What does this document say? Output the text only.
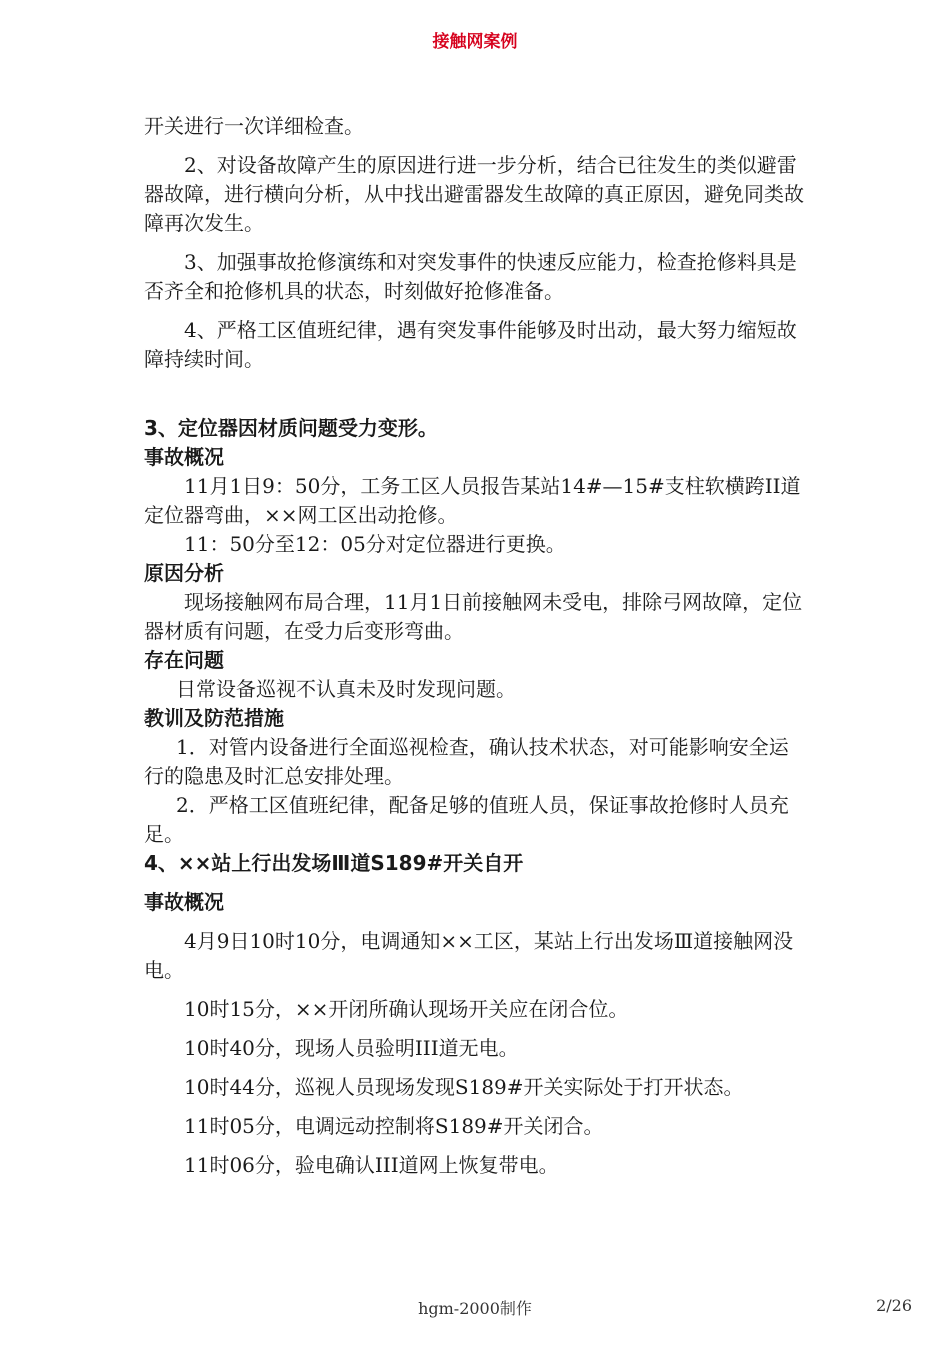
接触网案例

开关进行一次详细检查。

2、对设备故障产生的原因进行进一步分析，结合已往发生的类似避雷器故障，进行横向分析，从中找出避雷器发生故障的真正原因，避免同类故障再次发生。

3、加强事故抢修演练和对突发事件的快速反应能力，检查抢修料具是否齐全和抢修机具的状态，时刻做好抢修准备。

4、严格工区值班纪律，遇有突发事件能够及时出动，最大努力缩短故障持续时间。

3、定位器因材质问题受力变形。

事故概况

11月1日9：50分，工务工区人员报告某站14#—15#支柱软横跨II道定位器弯曲，××网工区出动抢修。

11：50分至12：05分对定位器进行更换。

原因分析

现场接触网布局合理，11月1日前接触网未受电，排除弓网故障，定位器材质有问题，在受力后变形弯曲。

存在问题

日常设备巡视不认真未及时发现问题。

教训及防范措施

1．对管内设备进行全面巡视检查，确认技术状态，对可能影响安全运行的隐患及时汇总安排处理。

2．严格工区值班纪律，配备足够的值班人员，保证事故抢修时人员充足。

4、××站上行出发场Ⅲ道S189#开关自开

事故概况

4月9日10时10分，电调通知××工区，某站上行出发场Ⅲ道接触网没电。

10时15分，××开闭所确认现场开关应在闭合位。

10时40分，现场人员验明III道无电。

10时44分，巡视人员现场发现S189#开关实际处于打开状态。

11时05分，电调远动控制将S189#开关闭合。

11时06分，验电确认III道网上恢复带电。

hgm-2000制作	2/26
